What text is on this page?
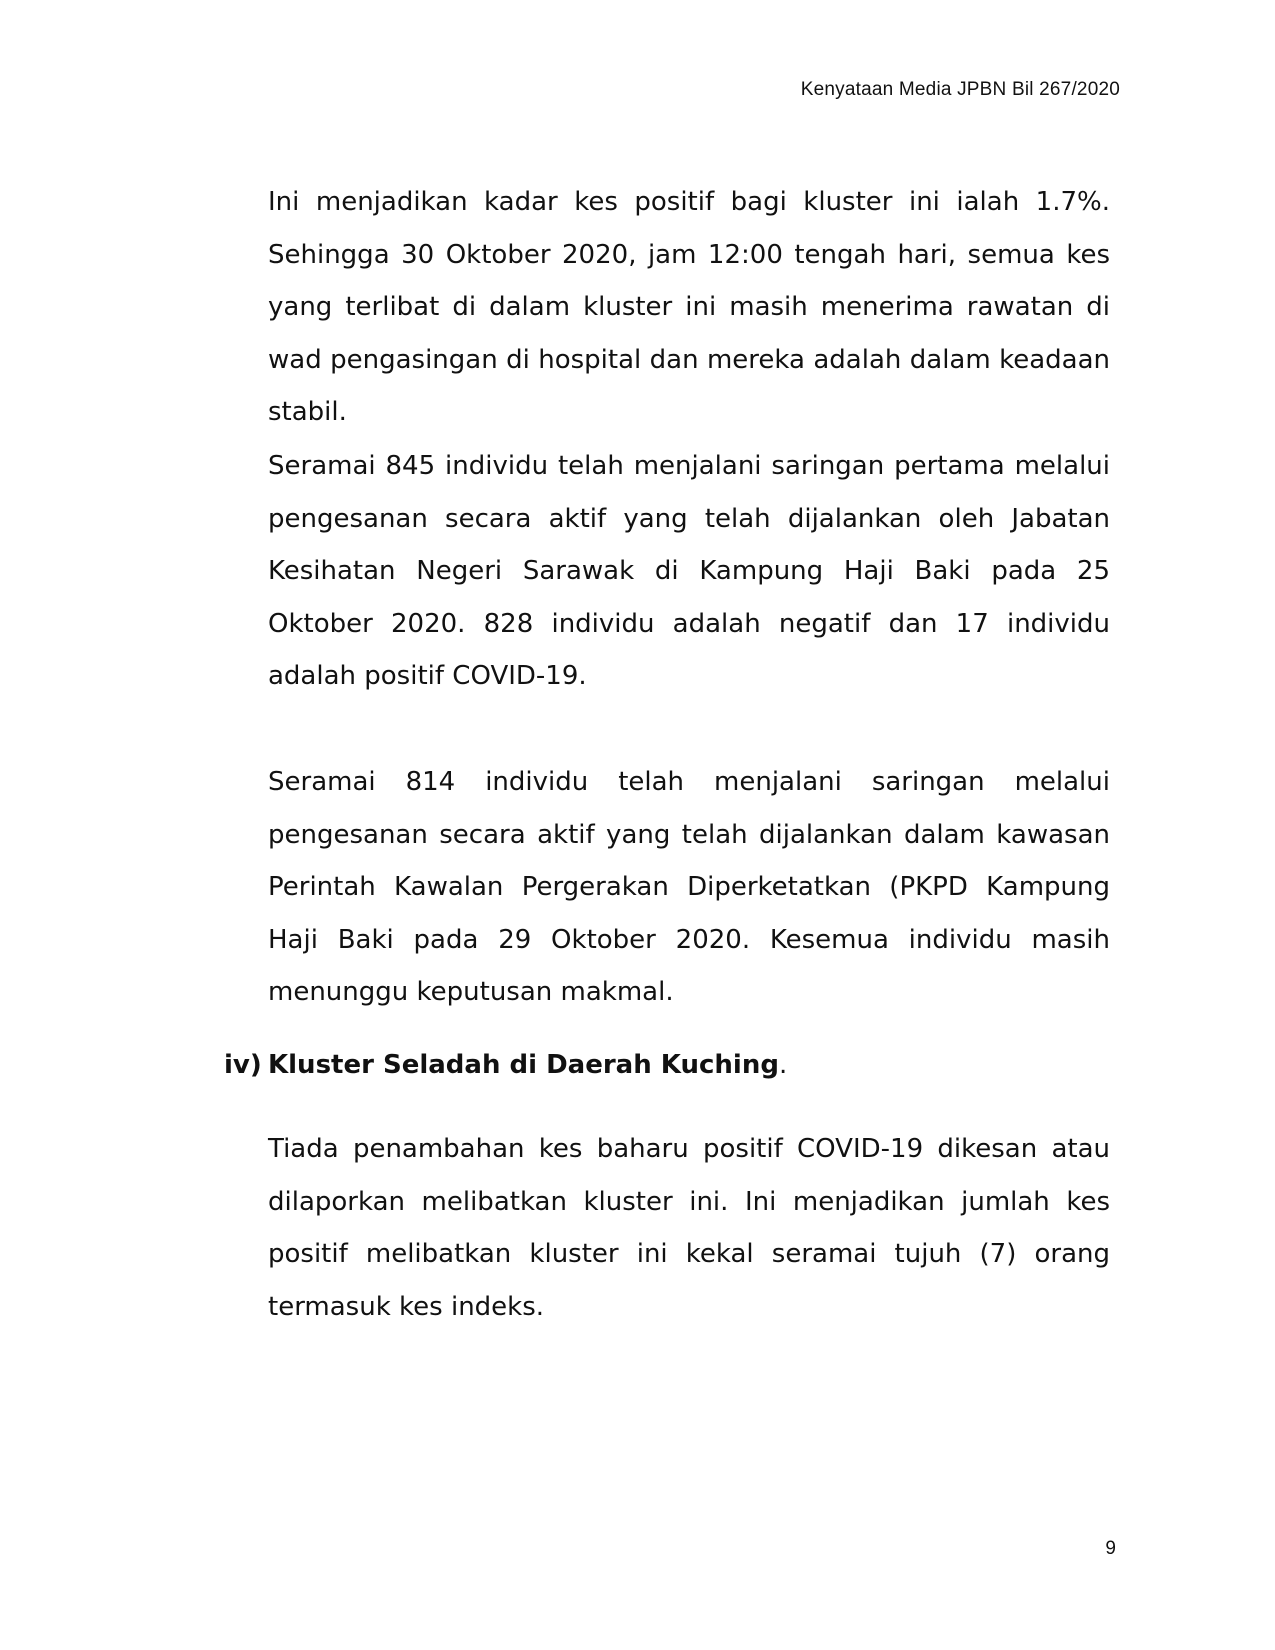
Kenyataan Media JPBN Bil 267/2020

Ini menjadikan kadar kes positif bagi kluster ini ialah 1.7%. Sehingga 30 Oktober 2020, jam 12:00 tengah hari, semua kes yang terlibat di dalam kluster ini masih menerima rawatan di wad pengasingan di hospital dan mereka adalah dalam keadaan stabil.

Seramai 845 individu telah menjalani saringan pertama melalui pengesanan secara aktif yang telah dijalankan oleh Jabatan Kesihatan Negeri Sarawak di Kampung Haji Baki pada 25 Oktober 2020. 828 individu adalah negatif dan 17 individu adalah positif COVID-19.

Seramai 814 individu telah menjalani saringan melalui pengesanan secara aktif yang telah dijalankan dalam kawasan Perintah Kawalan Pergerakan Diperketatkan (PKPD Kampung Haji Baki pada 29 Oktober 2020. Kesemua individu masih menunggu keputusan makmal.

iv) Kluster Seladah di Daerah Kuching.

Tiada penambahan kes baharu positif COVID-19 dikesan atau dilaporkan melibatkan kluster ini. Ini menjadikan jumlah kes positif melibatkan kluster ini kekal seramai tujuh (7) orang termasuk kes indeks.

9
